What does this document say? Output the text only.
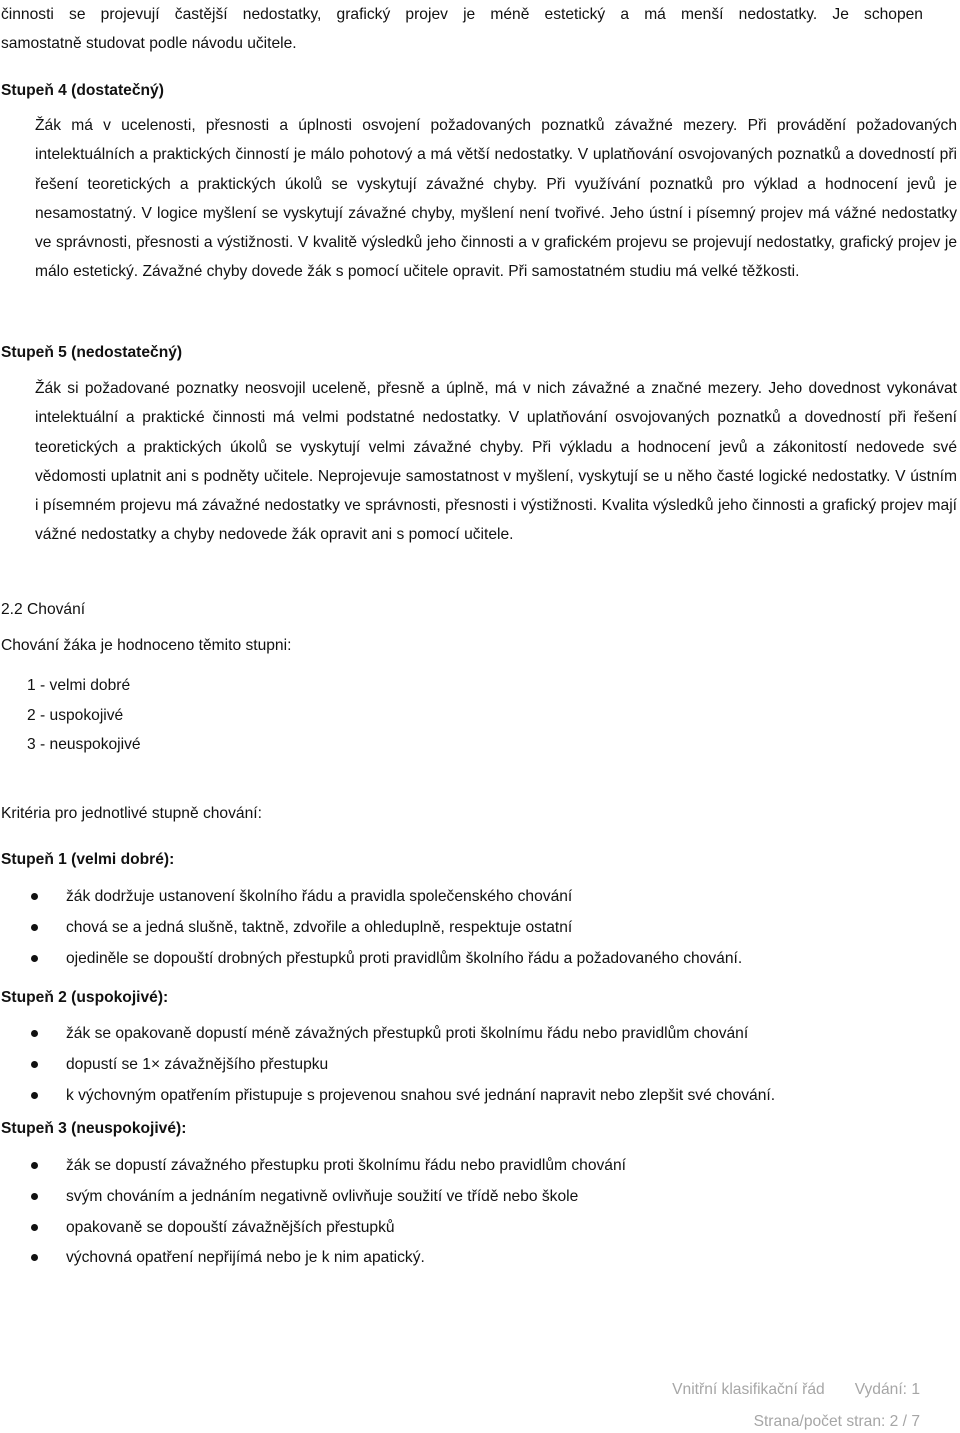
činnosti se projevují častější nedostatky, grafický projev je méně estetický a má menší nedostatky. Je schopen
samostatně studovat podle návodu učitele.

Stupeň 4 (dostatečný)

Žák má v ucelenosti, přesnosti a úplnosti osvojení požadovaných poznatků závažné mezery. Při provádění požadovaných intelektuálních a praktických činností je málo pohotový a má větší nedostatky. V uplatňování osvojovaných poznatků a dovedností při řešení teoretických a praktických úkolů se vyskytují závažné chyby. Při využívání poznatků pro výklad a hodnocení jevů je nesamostatný. V logice myšlení se vyskytují závažné chyby, myšlení není tvořivé. Jeho ústní i písemný projev má vážné nedostatky ve správnosti, přesnosti a výstižnosti. V kvalitě výsledků jeho činnosti a v grafickém projevu se projevují nedostatky, grafický projev je málo estetický. Závažné chyby dovede žák s pomocí učitele opravit. Při samostatném studiu má velké těžkosti.

Stupeň 5 (nedostatečný)

Žák si požadované poznatky neosvojil uceleně, přesně a úplně, má v nich závažné a značné mezery. Jeho dovednost vykonávat intelektuální a praktické činnosti má velmi podstatné nedostatky. V uplatňování osvojovaných poznatků a dovedností při řešení teoretických a praktických úkolů se vyskytují velmi závažné chyby. Při výkladu a hodnocení jevů a zákonitostí nedovede své vědomosti uplatnit ani s podněty učitele. Neprojevuje samostatnost v myšlení, vyskytují se u něho časté logické nedostatky. V ústním i písemném projevu má závažné nedostatky ve správnosti, přesnosti i výstižnosti. Kvalita výsledků jeho činnosti a grafický projev mají vážné nedostatky a chyby nedovede žák opravit ani s pomocí učitele.

2.2 Chování

Chování žáka je hodnoceno těmito stupni:

1 - velmi dobré
2 - uspokojivé
3 - neuspokojivé

Kritéria pro jednotlivé stupně chování:

Stupeň 1 (velmi dobré):

žák dodržuje ustanovení školního řádu a pravidla společenského chování
chová se a jedná slušně, taktně, zdvořile a ohleduplně, respektuje ostatní
ojediněle se dopouští drobných přestupků proti pravidlům školního řádu a požadovaného chování.

Stupeň 2 (uspokojivé):

žák se opakovaně dopustí méně závažných přestupků proti školnímu řádu nebo pravidlům chování
dopustí se 1× závažnějšího přestupku
k výchovným opatřením přistupuje s projevenou snahou své jednání napravit nebo zlepšit své chování.

Stupeň 3 (neuspokojivé):

žák se dopustí závažného přestupku proti školnímu řádu nebo pravidlům chování
svým chováním a jednáním negativně ovlivňuje soužití ve třídě nebo škole
opakovaně se dopouští závažnějších přestupků
výchovná opatření nepřijímá nebo je k nim apatický.
Vnitřní klasifikační řád Vydání: 1
Strana/počet stran: 2 / 7
